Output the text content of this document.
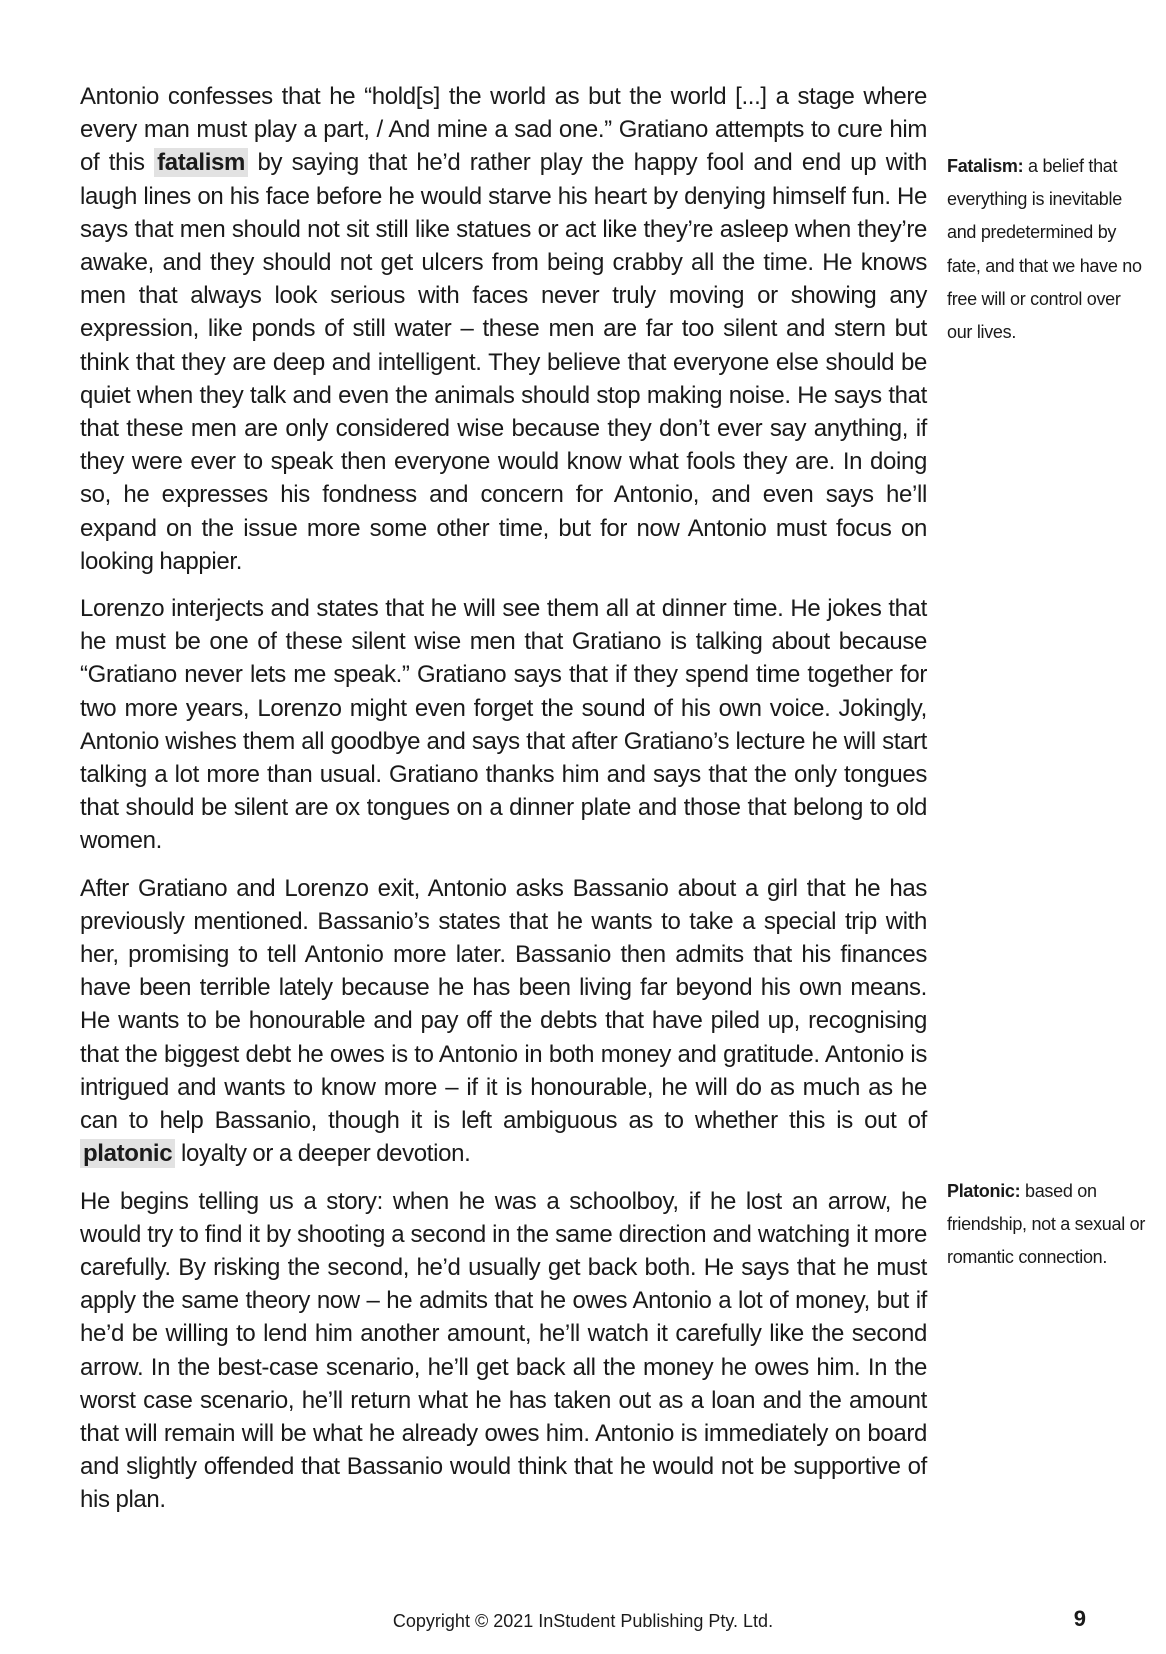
Antonio confesses that he “hold[s] the world as but the world [...] a stage where every man must play a part, / And mine a sad one.” Gratiano attempts to cure him of this fatalism by saying that he’d rather play the happy fool and end up with laugh lines on his face before he would starve his heart by denying himself fun. He says that men should not sit still like statues or act like they’re asleep when they’re awake, and they should not get ulcers from being crabby all the time. He knows men that always look serious with faces never truly moving or showing any expression, like ponds of still water – these men are far too silent and stern but think that they are deep and intelligent. They believe that everyone else should be quiet when they talk and even the animals should stop making noise. He says that that these men are only considered wise because they don’t ever say anything, if they were ever to speak then everyone would know what fools they are. In doing so, he expresses his fondness and concern for Antonio, and even says he’ll expand on the issue more some other time, but for now Antonio must focus on looking happier.

Lorenzo interjects and states that he will see them all at dinner time. He jokes that he must be one of these silent wise men that Gratiano is talking about because “Gratiano never lets me speak.” Gratiano says that if they spend time together for two more years, Lorenzo might even forget the sound of his own voice. Jokingly, Antonio wishes them all goodbye and says that after Gratiano’s lecture he will start talking a lot more than usual. Gratiano thanks him and says that the only tongues that should be silent are ox tongues on a dinner plate and those that belong to old women.

After Gratiano and Lorenzo exit, Antonio asks Bassanio about a girl that he has previously mentioned. Bassanio’s states that he wants to take a special trip with her, promising to tell Antonio more later. Bassanio then admits that his finances have been terrible lately because he has been living far beyond his own means. He wants to be honourable and pay off the debts that have piled up, recognising that the biggest debt he owes is to Antonio in both money and gratitude. Antonio is intrigued and wants to know more – if it is honourable, he will do as much as he can to help Bassanio, though it is left ambiguous as to whether this is out of platonic loyalty or a deeper devotion.

He begins telling us a story: when he was a schoolboy, if he lost an arrow, he would try to find it by shooting a second in the same direction and watching it more carefully. By risking the second, he’d usually get back both. He says that he must apply the same theory now – he admits that he owes Antonio a lot of money, but if he’d be willing to lend him another amount, he’ll watch it carefully like the second arrow. In the best-case scenario, he’ll get back all the money he owes him. In the worst case scenario, he’ll return what he has taken out as a loan and the amount that will remain will be what he already owes him. Antonio is immediately on board and slightly offended that Bassanio would think that he would not be supportive of his plan.

Fatalism: a belief that everything is inevitable and predetermined by fate, and that we have no free will or control over our lives.
Platonic: based on friendship, not a sexual or romantic connection.
Copyright © 2021 InStudent Publishing Pty. Ltd.	9
